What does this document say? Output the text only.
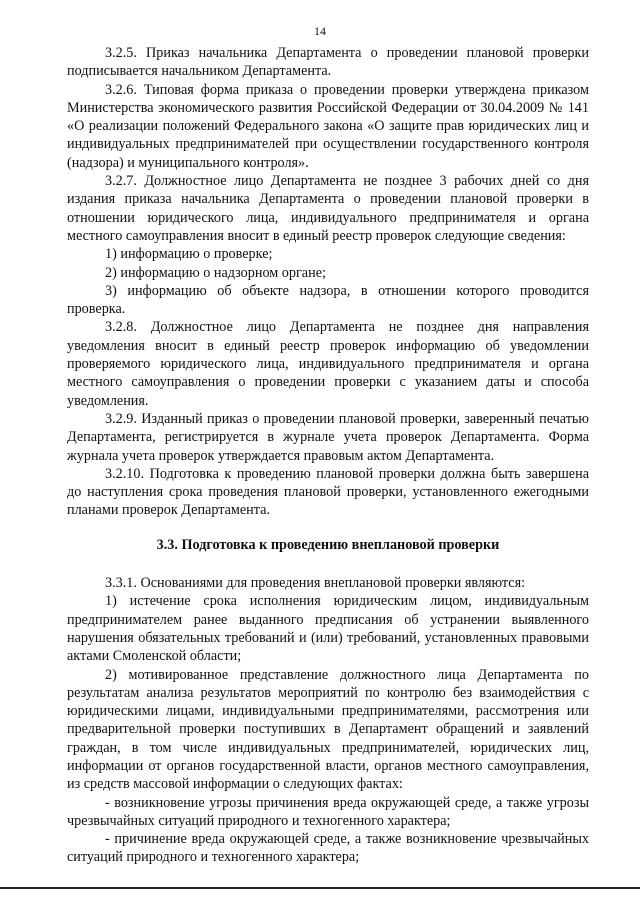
14

3.2.5. Приказ начальника Департамента о проведении плановой проверки подписывается начальником Департамента.

3.2.6. Типовая форма приказа о проведении проверки утверждена приказом Министерства экономического развития Российской Федерации от 30.04.2009 № 141 «О реализации положений Федерального закона «О защите прав юридических лиц и индивидуальных предпринимателей при осуществлении государственного контроля (надзора) и муниципального контроля».

3.2.7. Должностное лицо Департамента не позднее 3 рабочих дней со дня издания приказа начальника Департамента о проведении плановой проверки в отношении юридического лица, индивидуального предпринимателя и органа местного самоуправления вносит в единый реестр проверок следующие сведения:

1) информацию о проверке;

2) информацию о надзорном органе;

3) информацию об объекте надзора, в отношении которого проводится проверка.

3.2.8. Должностное лицо Департамента не позднее дня направления уведомления вносит в единый реестр проверок информацию об уведомлении проверяемого юридического лица, индивидуального предпринимателя и органа местного самоуправления о проведении проверки с указанием даты и способа уведомления.

3.2.9. Изданный приказ о проведении плановой проверки, заверенный печатью Департамента, регистрируется в журнале учета проверок Департамента. Форма журнала учета проверок утверждается правовым актом Департамента.

3.2.10. Подготовка к проведению плановой проверки должна быть завершена до наступления срока проведения плановой проверки, установленного ежегодными планами проверок Департамента.

3.3. Подготовка к проведению внеплановой проверки

3.3.1. Основаниями для проведения внеплановой проверки являются:

1) истечение срока исполнения юридическим лицом, индивидуальным предпринимателем ранее выданного предписания об устранении выявленного нарушения обязательных требований и (или) требований, установленных правовыми актами Смоленской области;

2) мотивированное представление должностного лица Департамента по результатам анализа результатов мероприятий по контролю без взаимодействия с юридическими лицами, индивидуальными предпринимателями, рассмотрения или предварительной проверки поступивших в Департамент обращений и заявлений граждан, в том числе индивидуальных предпринимателей, юридических лиц, информации от органов государственной власти, органов местного самоуправления, из средств массовой информации о следующих фактах:

- возникновение угрозы причинения вреда окружающей среде, а также угрозы чрезвычайных ситуаций природного и техногенного характера;

- причинение вреда окружающей среде, а также возникновение чрезвычайных ситуаций природного и техногенного характера;
